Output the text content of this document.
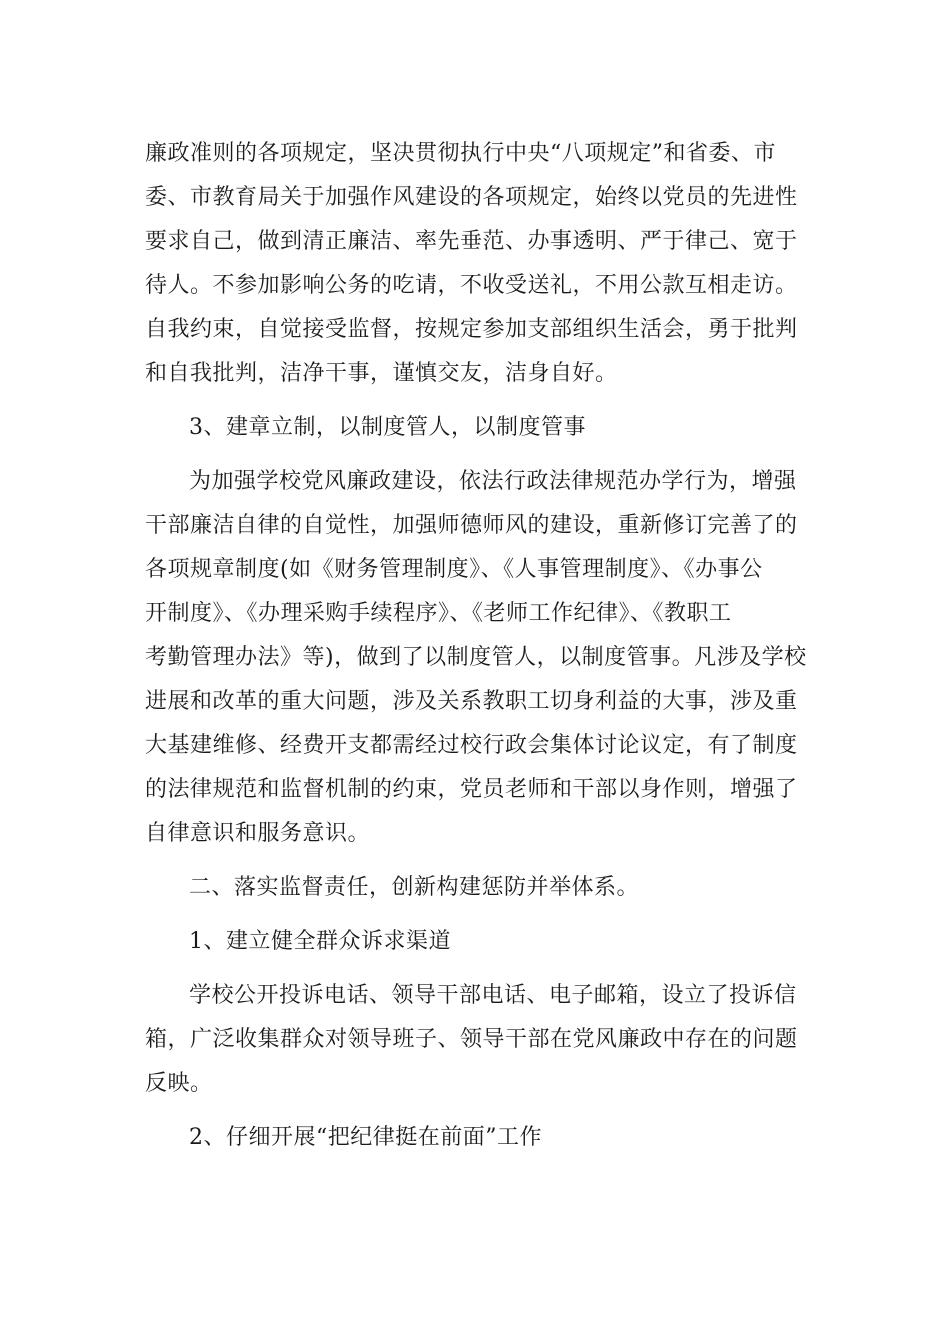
廉政准则的各项规定，坚决贯彻执行中央“八项规定”和省委、市
委、市教育局关于加强作风建设的各项规定，始终以党员的先进性
要求自己，做到清正廉洁、率先垂范、办事透明、严于律己、宽于
待人。不参加影响公务的吃请，不收受送礼，不用公款互相走访。
自我约束，自觉接受监督，按规定参加支部组织生活会，勇于批判
和自我批判，洁净干事，谨慎交友，洁身自好。
3、建章立制，以制度管人，以制度管事
为加强学校党风廉政建设，依法行政法律规范办学行为，增强
干部廉洁自律的自觉性，加强师德师风的建设，重新修订完善了的
各项规章制度(如《财务管理制度》、《人事管理制度》、《办事公
开制度》、《办理采购手续程序》、《老师工作纪律》、《教职工
考勤管理办法》等)，做到了以制度管人，以制度管事。凡涉及学校
进展和改革的重大问题，涉及关系教职工切身利益的大事，涉及重
大基建维修、经费开支都需经过校行政会集体讨论议定，有了制度
的法律规范和监督机制的约束，党员老师和干部以身作则，增强了
自律意识和服务意识。
二、落实监督责任，创新构建惩防并举体系。
1、建立健全群众诉求渠道
学校公开投诉电话、领导干部电话、电子邮箱，设立了投诉信
箱，广泛收集群众对领导班子、领导干部在党风廉政中存在的问题
反映。
2、仔细开展“把纪律挺在前面”工作
